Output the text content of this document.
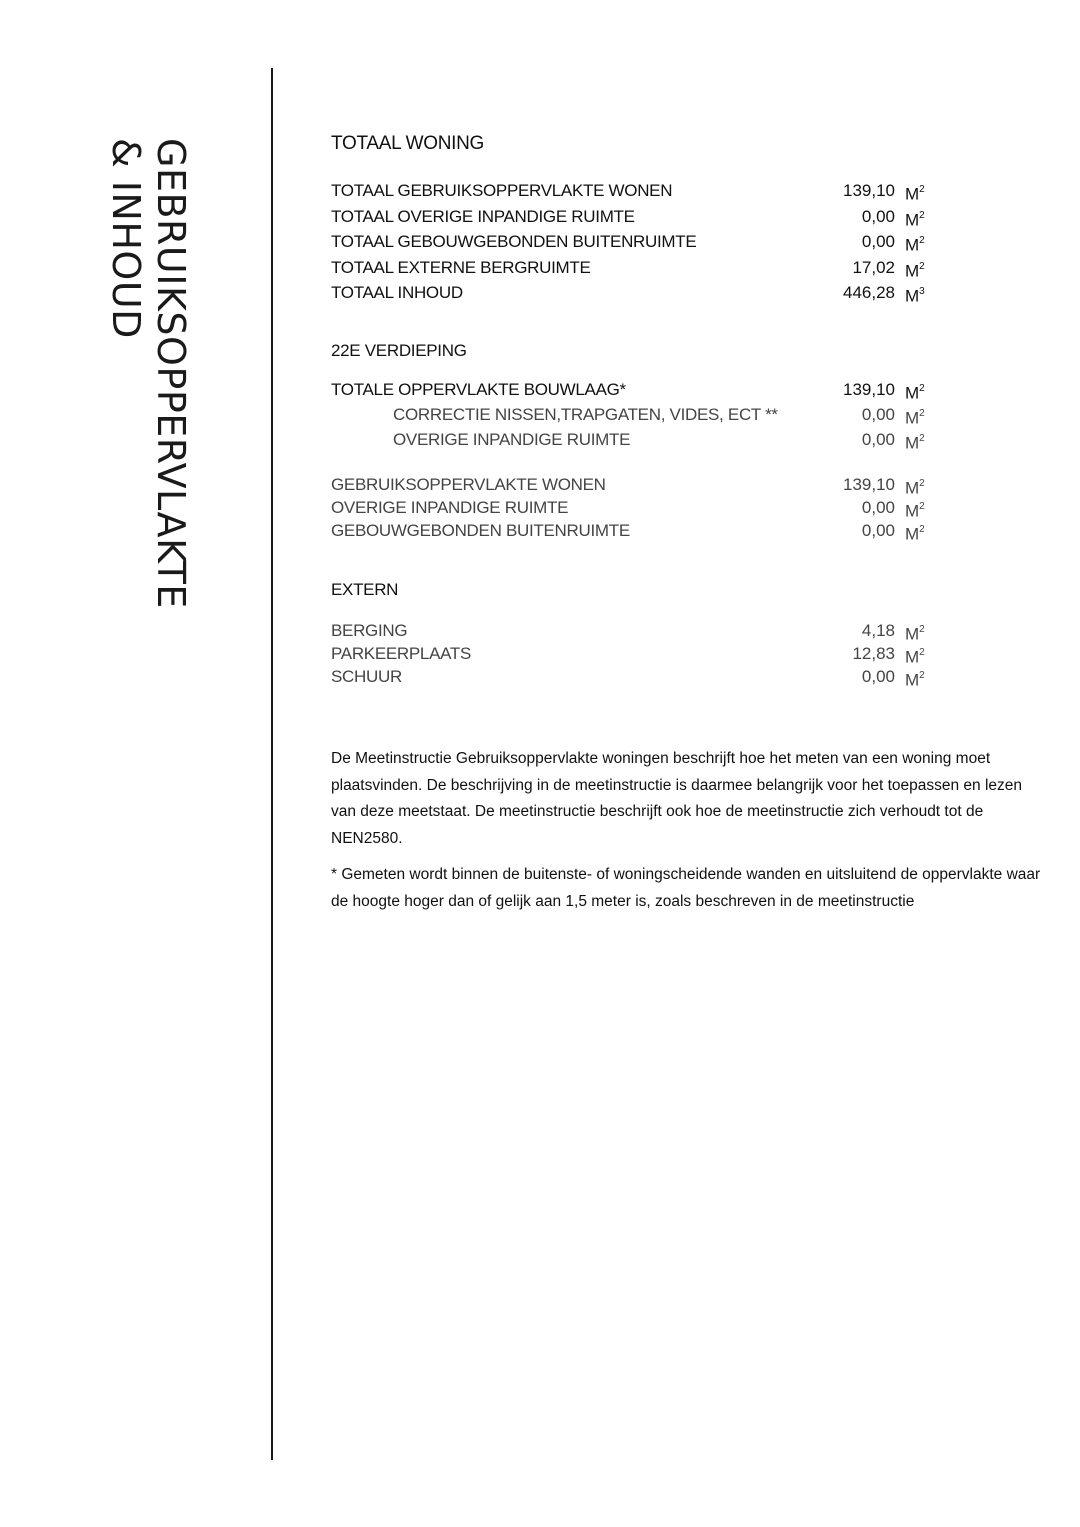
GEBRUIKSOPPERVLAKTE
& INHOUD	TOTAAL WONING
TOTAAL GEBRUIKSOPPERVLAKTE WONEN	139,10 $M^2$
TOTAAL OVERIGE INPANDIGE RUIMTE	0,00 $M^2$
TOTAAL GEBOUWGEBONDEN BUITENRUIMTE	0,00 $M^2$
TOTAAL EXTERNE BERGRUIMTE	17,02 $M^2$
TOTAAL INHOUD	446,28 $M^3$
22E VERDIEPING
TOTALE OPPERVLAKTE BOUWLAAG*	139,10 $M^2$
CORRECTIE NISSEN,TRAPGATEN, VIDES, ECT **	0,00 $M^2$
OVERIGE INPANDIGE RUIMTE	0,00 $M^2$
GEBRUIKSOPPERVLAKTE WONEN	139,10 $M^2$
OVERIGE INPANDIGE RUIMTE	0,00 $M^2$
GEBOUWGEBONDEN BUITENRUIMTE	0,00 $M^2$
EXTERN
BERGING	4,18 $M^2$
PARKEERPLAATS	12,83 $M^2$
SCHUUR	0,00 $M^2$

De Meetinstructie Gebruiksoppervlakte woningen beschrijft hoe het meten van een woning moet plaatsvinden. De beschrijving in de meetinstructie is daarmee belangrijk voor het toepassen en lezen van deze meetstaat. De meetinstructie beschrijft ook hoe de meetinstructie zich verhoudt tot de NEN2580.

* Gemeten wordt binnen de buitenste- of woningscheidende wanden en uitsluitend de oppervlakte waar de hoogte hoger dan of gelijk aan 1,5 meter is, zoals beschreven in de meetinstructie
